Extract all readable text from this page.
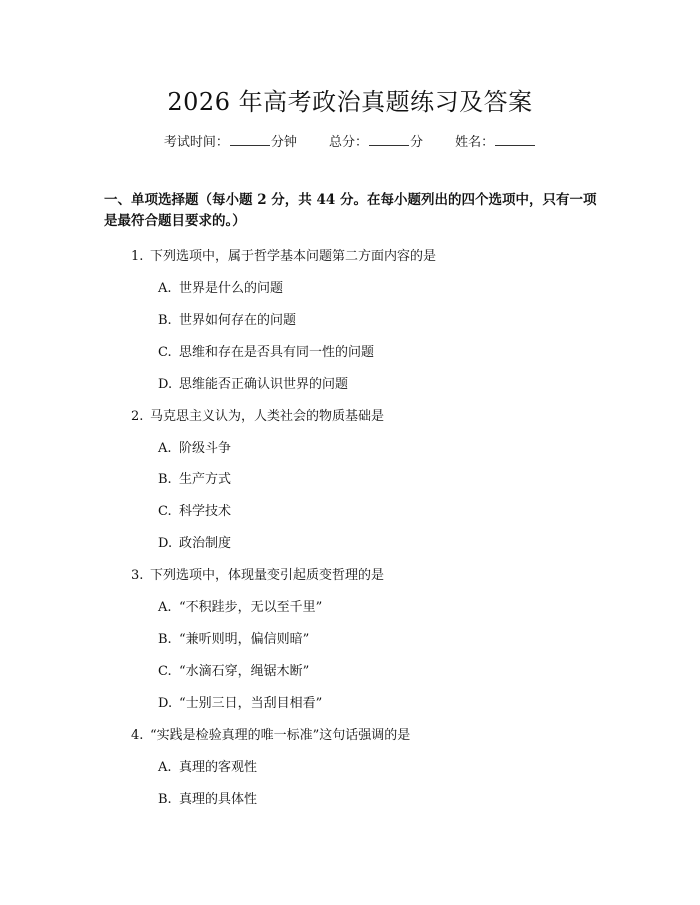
2026 年高考政治真题练习及答案
考试时间：	分钟 总分：	分 姓名：
一、单项选择题（每小题 2 分，共 44 分。在每小题列出的四个选项中，只有一项是最符合题目要求的。）
1. 下列选项中，属于哲学基本问题第二方面内容的是
A. 世界是什么的问题
B. 世界如何存在的问题
C. 思维和存在是否具有同一性的问题
D. 思维能否正确认识世界的问题
2. 马克思主义认为，人类社会的物质基础是
A. 阶级斗争
B. 生产方式
C. 科学技术
D. 政治制度
3. 下列选项中，体现量变引起质变哲理的是
A. “不积跬步，无以至千里”
B. “兼听则明，偏信则暗”
C. “水滴石穿，绳锯木断”
D. “士别三日，当刮目相看”
4. “实践是检验真理的唯一标准”这句话强调的是
A. 真理的客观性
B. 真理的具体性
